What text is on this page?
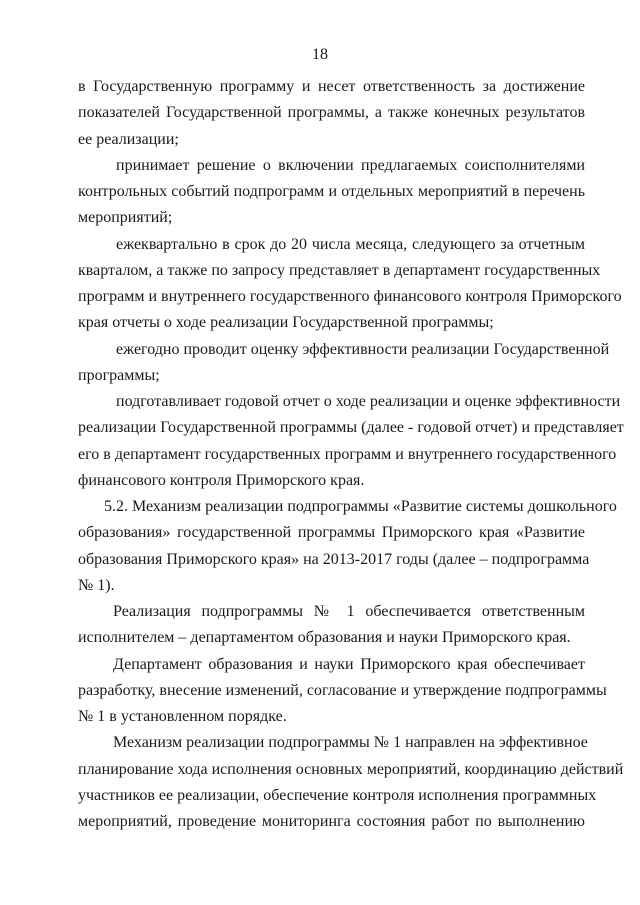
18
в Государственную программу и несет ответственность за достижение
показателей Государственной программы, а также конечных результатов
ее реализации;
принимает решение о включении предлагаемых соисполнителями
контрольных событий подпрограмм и отдельных мероприятий в перечень
мероприятий;
ежеквартально в срок до 20 числа месяца, следующего за отчетным
кварталом, а также по запросу представляет в департамент государственных
программ и внутреннего государственного финансового контроля Приморского
края отчеты о ходе реализации Государственной программы;
ежегодно проводит оценку эффективности реализации Государственной
программы;
подготавливает годовой отчет о ходе реализации и оценке эффективности
реализации Государственной программы (далее - годовой отчет) и представляет
его в департамент государственных программ и внутреннего государственного
финансового контроля Приморского края.
5.2. Механизм реализации подпрограммы «Развитие системы дошкольного
образования» государственной программы Приморского края «Развитие
образования Приморского края» на 2013-2017 годы (далее – подпрограмма
№ 1).
Реализация подпрограммы № 1 обеспечивается ответственным
исполнителем – департаментом образования и науки Приморского края.
Департамент образования и науки Приморского края обеспечивает
разработку, внесение изменений, согласование и утверждение подпрограммы
№ 1 в установленном порядке.
Механизм реализации подпрограммы № 1 направлен на эффективное
планирование хода исполнения основных мероприятий, координацию действий
участников ее реализации, обеспечение контроля исполнения программных
мероприятий, проведение мониторинга состояния работ по выполнению
